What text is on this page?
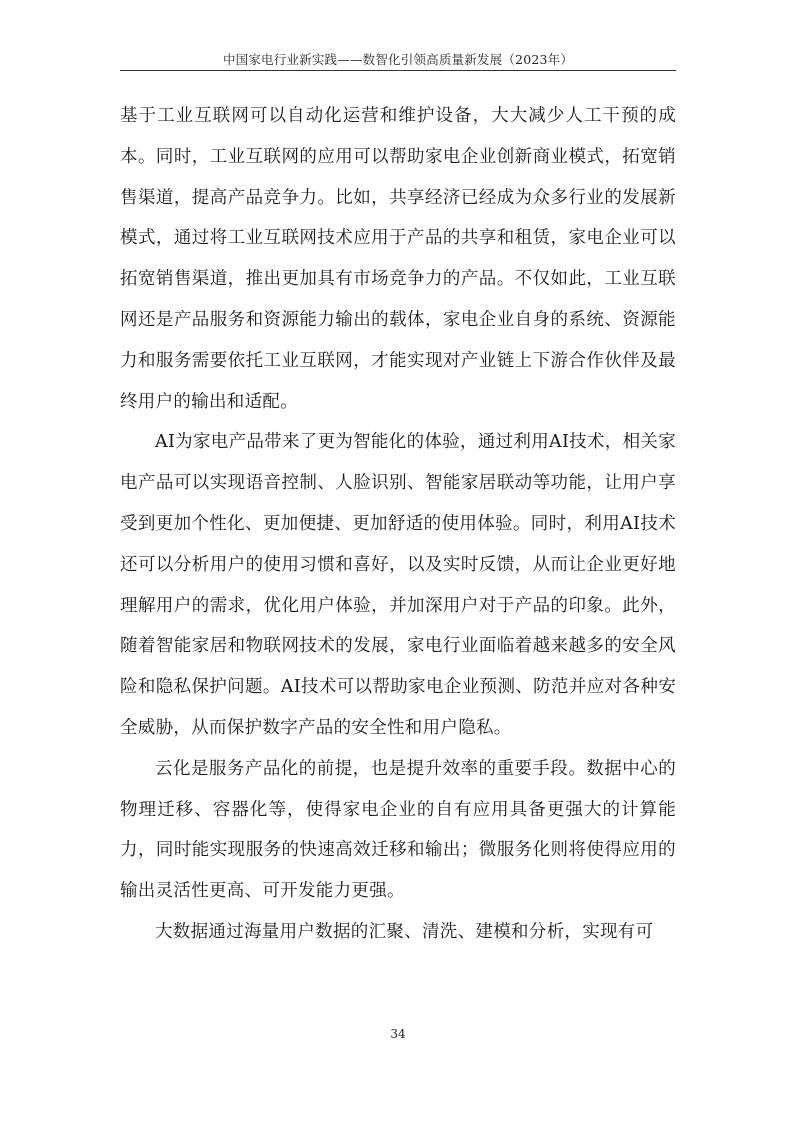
中国家电行业新实践——数智化引领高质量新发展（2023年）

基于工业互联网可以自动化运营和维护设备，大大减少人工干预的成本。同时，工业互联网的应用可以帮助家电企业创新商业模式，拓宽销售渠道，提高产品竞争力。比如，共享经济已经成为众多行业的发展新模式，通过将工业互联网技术应用于产品的共享和租赁，家电企业可以拓宽销售渠道，推出更加具有市场竞争力的产品。不仅如此，工业互联网还是产品服务和资源能力输出的载体，家电企业自身的系统、资源能力和服务需要依托工业互联网，才能实现对产业链上下游合作伙伴及最终用户的输出和适配。

AI为家电产品带来了更为智能化的体验，通过利用AI技术，相关家电产品可以实现语音控制、人脸识别、智能家居联动等功能，让用户享受到更加个性化、更加便捷、更加舒适的使用体验。同时，利用AI技术还可以分析用户的使用习惯和喜好，以及实时反馈，从而让企业更好地理解用户的需求，优化用户体验，并加深用户对于产品的印象。此外，随着智能家居和物联网技术的发展，家电行业面临着越来越多的安全风险和隐私保护问题。AI技术可以帮助家电企业预测、防范并应对各种安全威胁，从而保护数字产品的安全性和用户隐私。

云化是服务产品化的前提，也是提升效率的重要手段。数据中心的物理迁移、容器化等，使得家电企业的自有应用具备更强大的计算能力，同时能实现服务的快速高效迁移和输出；微服务化则将使得应用的输出灵活性更高、可开发能力更强。

大数据通过海量用户数据的汇聚、清洗、建模和分析，实现有可

34
